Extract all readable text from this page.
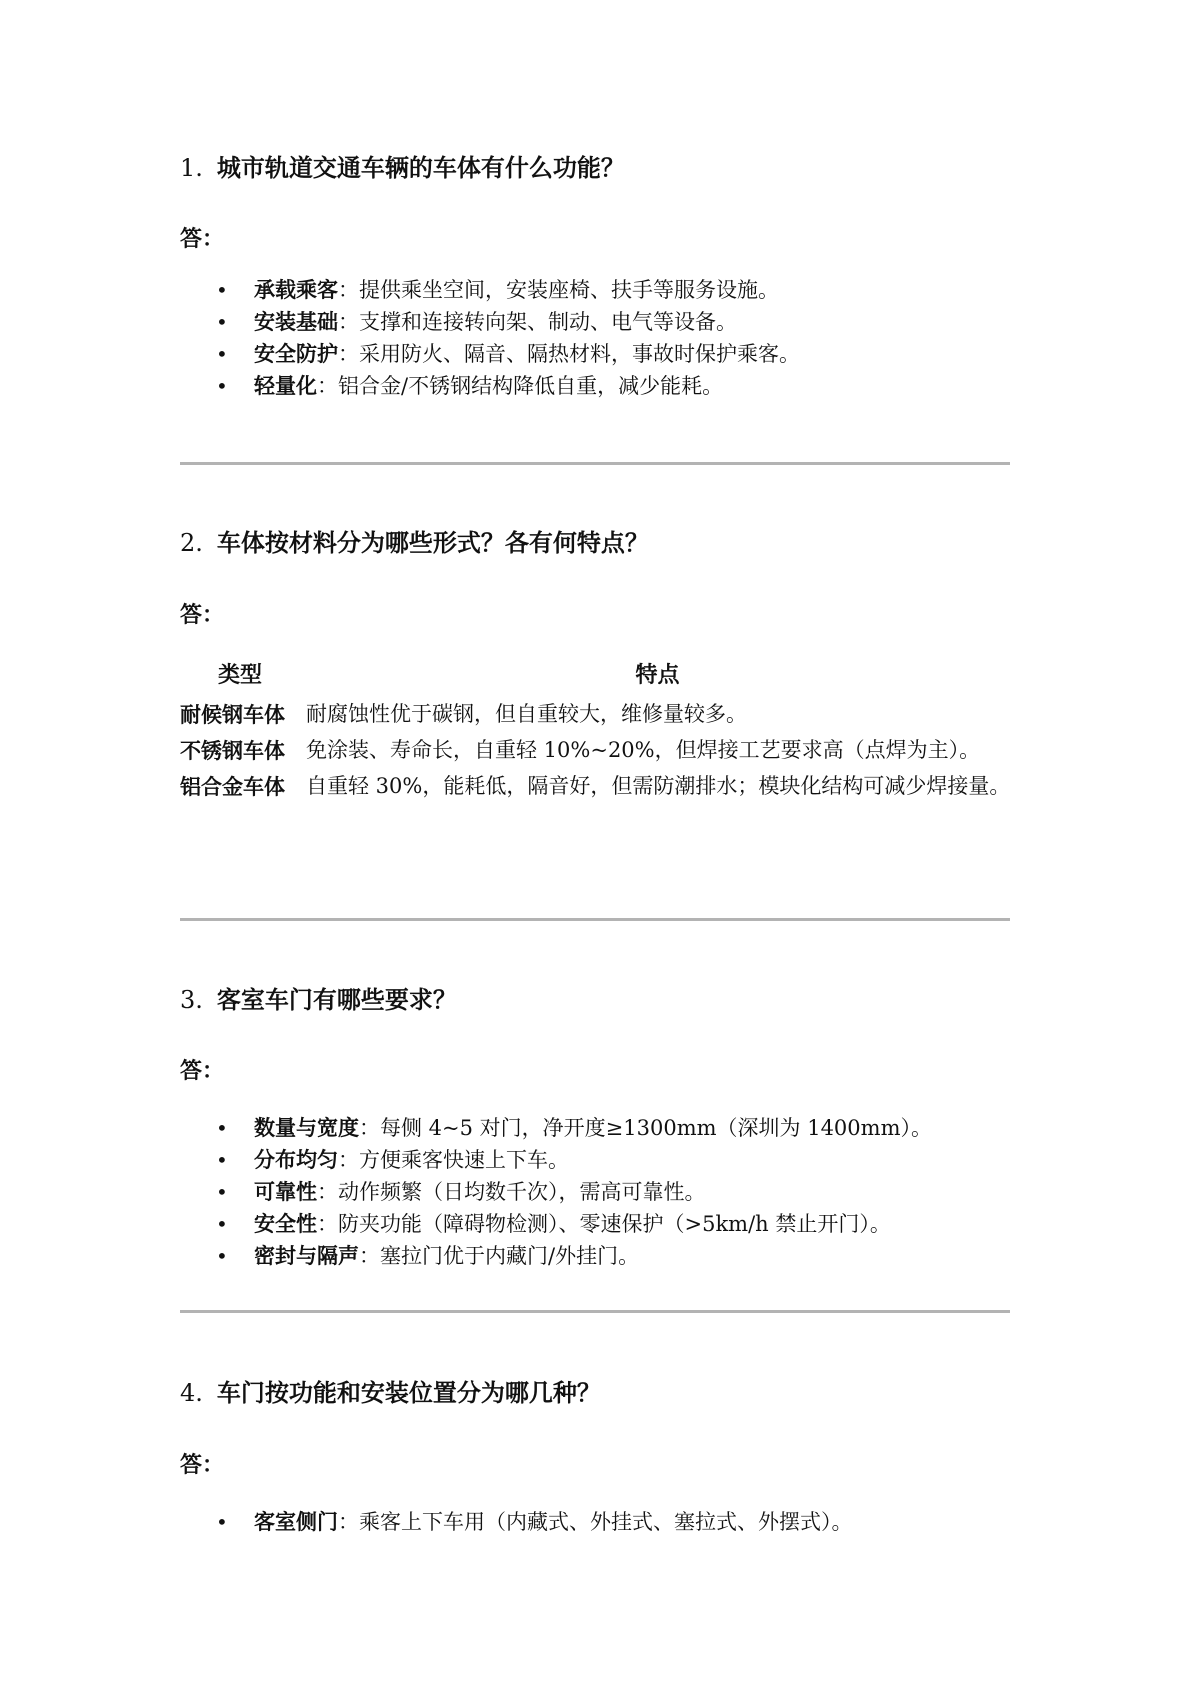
1. 城市轨道交通车辆的车体有什么功能？
答：
• 承载乘客：提供乘坐空间，安装座椅、扶手等服务设施。
• 安装基础：支撑和连接转向架、制动、电气等设备。
• 安全防护：采用防火、隔音、隔热材料，事故时保护乘客。
• 轻量化：铝合金/不锈钢结构降低自重，减少能耗。
2. 车体按材料分为哪些形式？各有何特点？
答：
类型	特点
耐候钢车体	耐腐蚀性优于碳钢，但自重较大，维修量较多。
不锈钢车体	免涂装、寿命长，自重轻 10%~20%，但焊接工艺要求高（点焊为主）。
铝合金车体	自重轻 30%，能耗低，隔音好，但需防潮排水；模块化结构可减少焊接量。
3. 客室车门有哪些要求？
答：
• 数量与宽度：每侧 4~5 对门，净开度≥1300mm（深圳为 1400mm）。
• 分布均匀：方便乘客快速上下车。
• 可靠性：动作频繁（日均数千次），需高可靠性。
• 安全性：防夹功能（障碍物检测）、零速保护（>5km/h 禁止开门）。
• 密封与隔声：塞拉门优于内藏门/外挂门。
4. 车门按功能和安装位置分为哪几种？
答：
• 客室侧门：乘客上下车用（内藏式、外挂式、塞拉式、外摆式）。
